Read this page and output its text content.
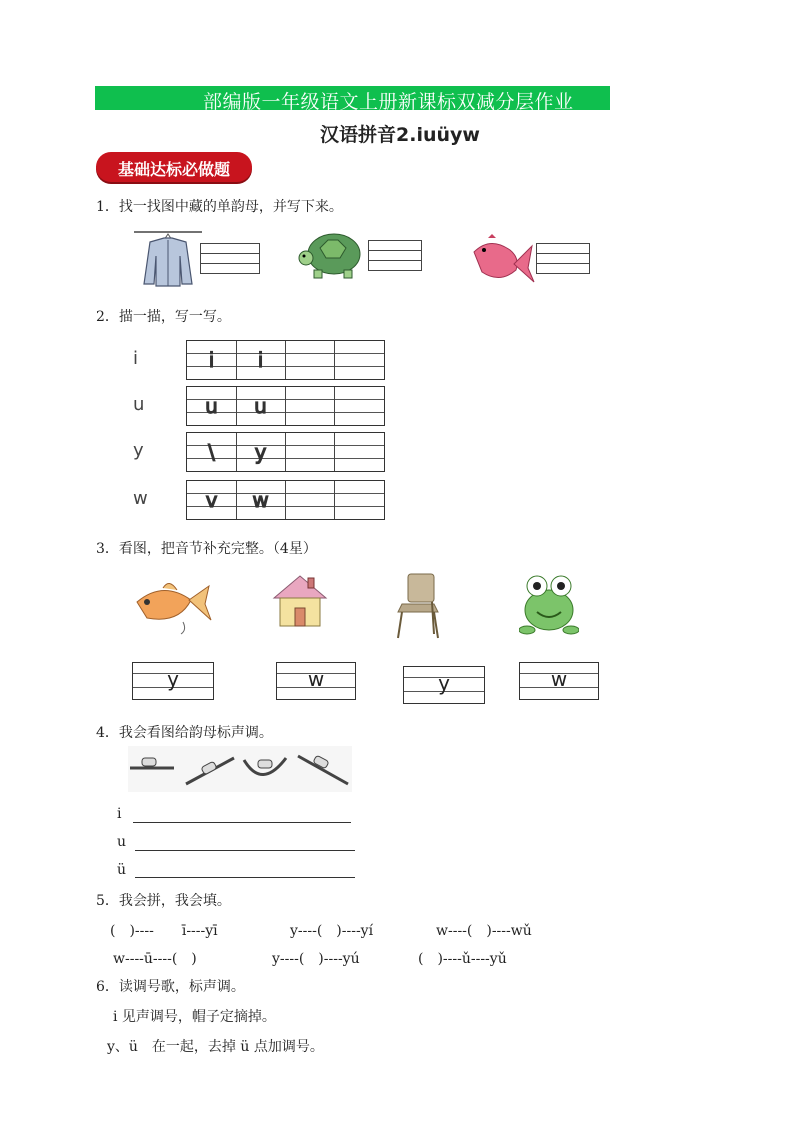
部编版一年级语文上册新课标双减分层作业
汉语拼音2.iuüyw
基础达标必做题
1．找一找图中藏的单韵母，并写下来。
2．描一描，写一写。
i	i	i
u	u	u
y	\	y
w	v	w
3．看图，把音节补充完整。（4星）
y	w	y	w
4．我会看图给韵母标声调。
i
u
ü
5．我会拼，我会填。
(　)----　　ī----yī	y----(　)----yí	w----(　)----wǔ
w----ū----(　)	y----(　)----yú	(　)----ǔ----yǔ
6．读调号歌，标声调。
i 见声调号，帽子定摘掉。
y、ü　在一起，去掉 ü 点加调号。
